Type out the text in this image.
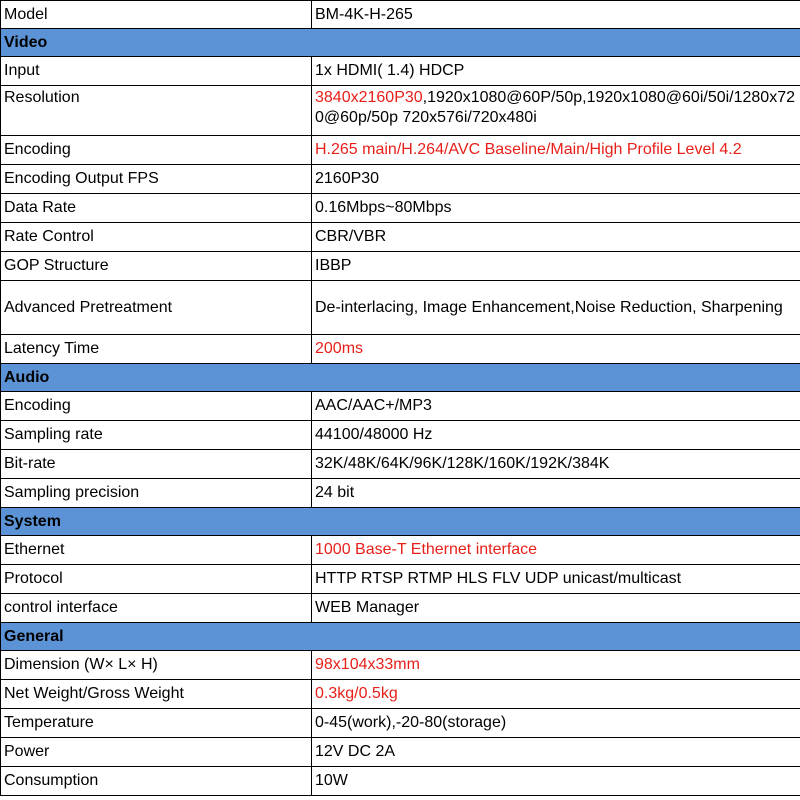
Model	BM-4K-H-265
Video	
Input	1x HDMI( 1.4) HDCP
Resolution	3840x2160P30,1920x1080@60P/50p,1920x1080@60i/50i/1280x720@60p/50p 720x576i/720x480i
Encoding	H.265 main/H.264/AVC Baseline/Main/High Profile Level 4.2
Encoding Output FPS	2160P30
Data Rate	0.16Mbps~80Mbps
Rate Control	CBR/VBR
GOP Structure	IBBP
Advanced Pretreatment	De-interlacing, Image Enhancement,Noise Reduction, Sharpening
Latency Time	200ms
Audio	
Encoding	AAC/AAC+/MP3
Sampling rate	44100/48000 Hz
Bit-rate	32K/48K/64K/96K/128K/160K/192K/384K
Sampling precision	24 bit
System	
Ethernet	1000 Base-T Ethernet interface
Protocol	HTTP RTSP RTMP HLS FLV UDP unicast/multicast
control interface	WEB Manager
General	
Dimension (W× L× H)	98x104x33mm
Net Weight/Gross Weight	0.3kg/0.5kg
Temperature	0-45(work),-20-80(storage)
Power	12V DC 2A
Consumption	10W
